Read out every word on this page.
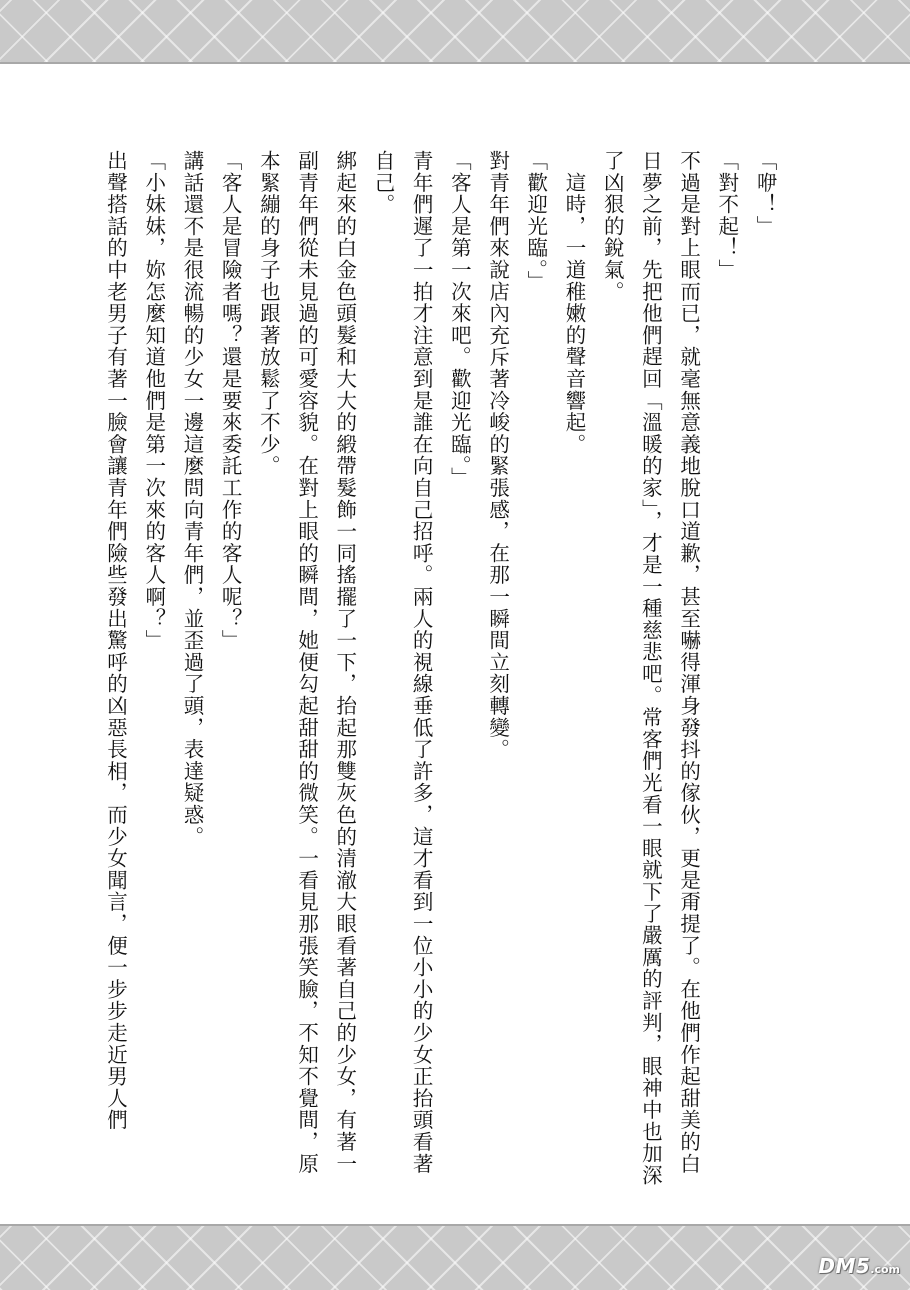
「咿！」

「對不起！」

不過是對上眼而已，就毫無意義地脫口道歉，甚至嚇得渾身發抖的傢伙，更是甭提了。在他們作起甜美的白日夢之前，先把他們趕回「溫暖的家」，才是一種慈悲吧。常客們光看一眼就下了嚴厲的評判，眼神中也加深了凶狠的銳氣。

　這時，一道稚嫩的聲音響起。

「歡迎光臨。」

對青年們來說店內充斥著冷峻的緊張感，在那一瞬間立刻轉變。

「客人是第一次來吧。歡迎光臨。」

青年們遲了一拍才注意到是誰在向自己招呼。兩人的視線垂低了許多，這才看到一位小小的少女正抬頭看著自己。

綁起來的白金色頭髮和大大的緞帶髮飾一同搖擺了一下，抬起那雙灰色的清澈大眼看著自己的少女，有著一副青年們從未見過的可愛容貌。在對上眼的瞬間，她便勾起甜甜的微笑。一看見那張笑臉，不知不覺間，原本緊繃的身子也跟著放鬆了不少。

「客人是冒險者嗎？還是要來委託工作的客人呢？」

講話還不是很流暢的少女一邊這麼問向青年們，並歪過了頭，表達疑惑。

「小妹妹，妳怎麼知道他們是第一次來的客人啊？」

出聲搭話的中老男子有著一臉會讓青年們險些發出驚呼的凶惡長相，而少女聞言，便一步步走近男人們

DM5.com
